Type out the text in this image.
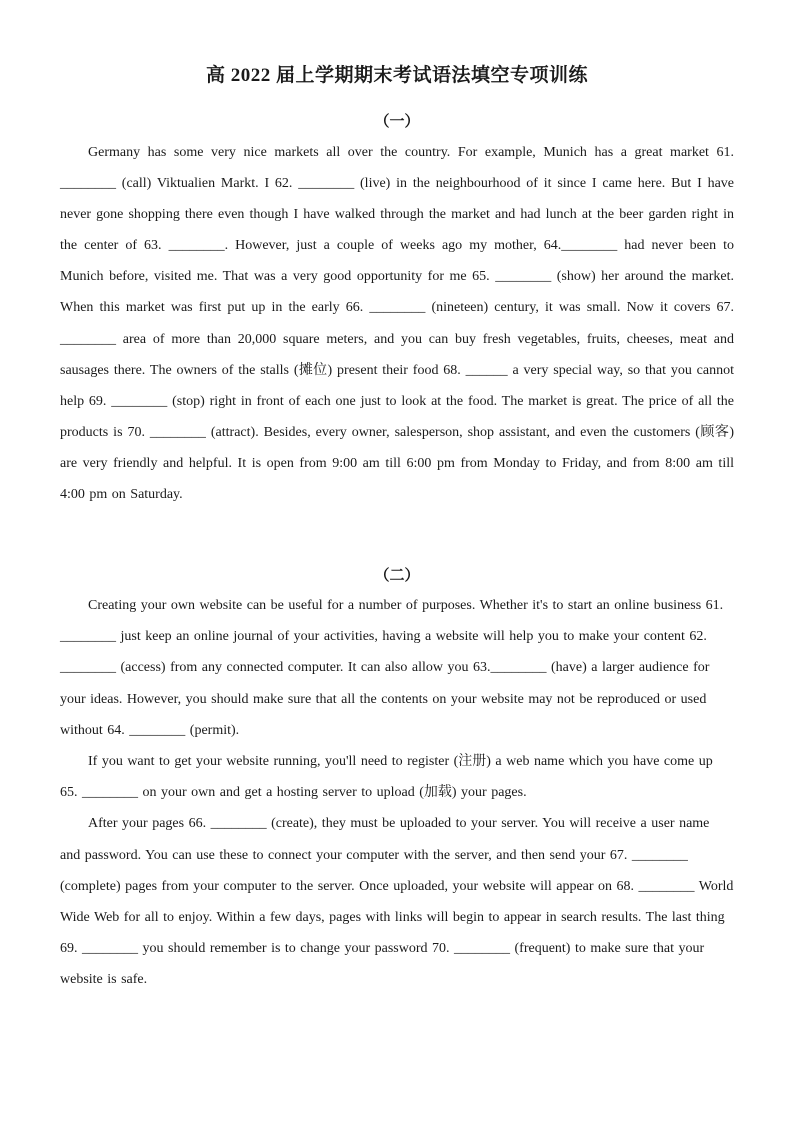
高 2022 届上学期期末考试语法填空专项训练
（一）

Germany has some very nice markets all over the country. For example, Munich has a great market 61. ________ (call) Viktualien Markt. I 62. ________ (live) in the neighbourhood of it since I came here. But I have never gone shopping there even though I have walked through the market and had lunch at the beer garden right in the center of 63. ________. However, just a couple of weeks ago my mother, 64.________ had never been to Munich before, visited me. That was a very good opportunity for me 65. ________ (show) her around the market. When this market was first put up in the early 66. ________ (nineteen) century, it was small. Now it covers 67. ________ area of more than 20,000 square meters, and you can buy fresh vegetables, fruits, cheeses, meat and sausages there. The owners of the stalls (摊位) present their food 68. ______ a very special way, so that you cannot help 69. ________ (stop) right in front of each one just to look at the food. The market is great. The price of all the products is 70. ________ (attract). Besides, every owner, salesperson, shop assistant, and even the customers (顾客) are very friendly and helpful. It is open from 9:00 am till 6:00 pm from Monday to Friday, and from 8:00 am till 4:00 pm on Saturday.

（二）

Creating your own website can be useful for a number of purposes. Whether it's to start an online business 61. ________ just keep an online journal of your activities, having a website will help you to make your content 62. ________ (access) from any connected computer. It can also allow you 63.________ (have) a larger audience for your ideas. However, you should make sure that all the contents on your website may not be reproduced or used without 64. ________ (permit).

If you want to get your website running, you'll need to register (注册) a web name which you have come up 65. ________ on your own and get a hosting server to upload (加载) your pages.

After your pages 66. ________ (create), they must be uploaded to your server. You will receive a user name and password. You can use these to connect your computer with the server, and then send your 67. ________ (complete) pages from your computer to the server. Once uploaded, your website will appear on 68. ________ World Wide Web for all to enjoy. Within a few days, pages with links will begin to appear in search results. The last thing 69. ________ you should remember is to change your password 70. ________ (frequent) to make sure that your website is safe.
